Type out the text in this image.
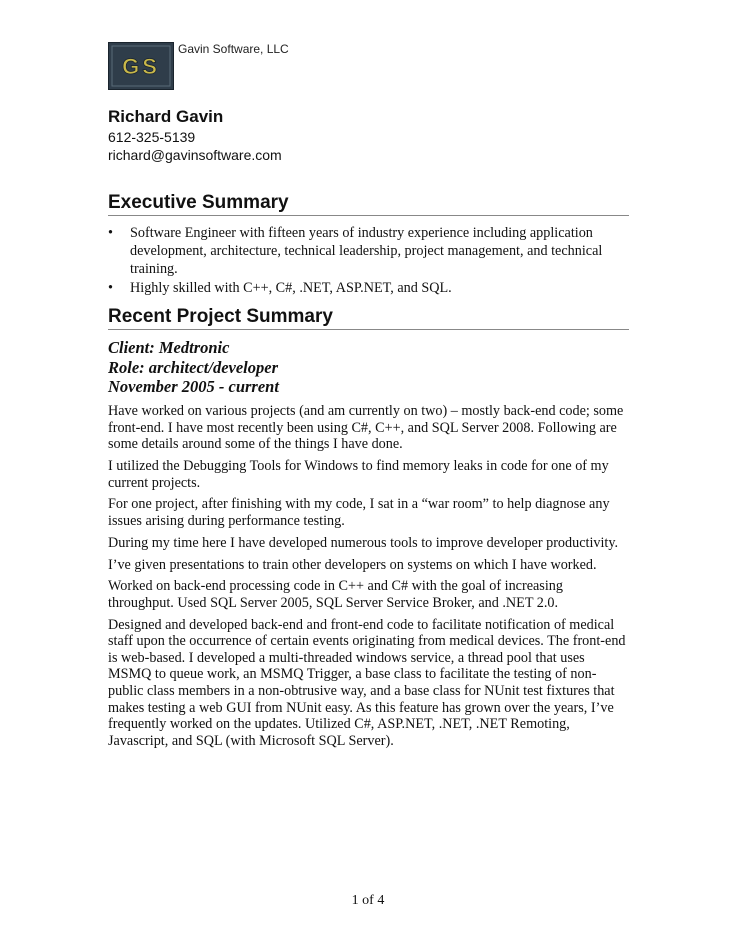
GS
Gavin Software, LLC
Richard Gavin
612-325-5139
richard@gavinsoftware.com
Executive Summary
• Software Engineer with fifteen years of industry experience including application development, architecture, technical leadership, project management, and technical training.
• Highly skilled with C++, C#, .NET, ASP.NET, and SQL.
Recent Project Summary
Client: Medtronic
Role: architect/developer
November 2005 - current

Have worked on various projects (and am currently on two) – mostly back-end code; some front-end. I have most recently been using C#, C++, and SQL Server 2008. Following are some details around some of the things I have done.

I utilized the Debugging Tools for Windows to find memory leaks in code for one of my current projects.

For one project, after finishing with my code, I sat in a “war room” to help diagnose any issues arising during performance testing.

During my time here I have developed numerous tools to improve developer productivity.

I’ve given presentations to train other developers on systems on which I have worked.

Worked on back-end processing code in C++ and C# with the goal of increasing throughput. Used SQL Server 2005, SQL Server Service Broker, and .NET 2.0.

Designed and developed back-end and front-end code to facilitate notification of medical staff upon the occurrence of certain events originating from medical devices. The front-end is web-based. I developed a multi-threaded windows service, a thread pool that uses MSMQ to queue work, an MSMQ Trigger, a base class to facilitate the testing of non-public class members in a non-obtrusive way, and a base class for NUnit test fixtures that makes testing a web GUI from NUnit easy. As this feature has grown over the years, I’ve frequently worked on the updates. Utilized C#, ASP.NET, .NET, .NET Remoting, Javascript, and SQL (with Microsoft SQL Server).

1 of 4
